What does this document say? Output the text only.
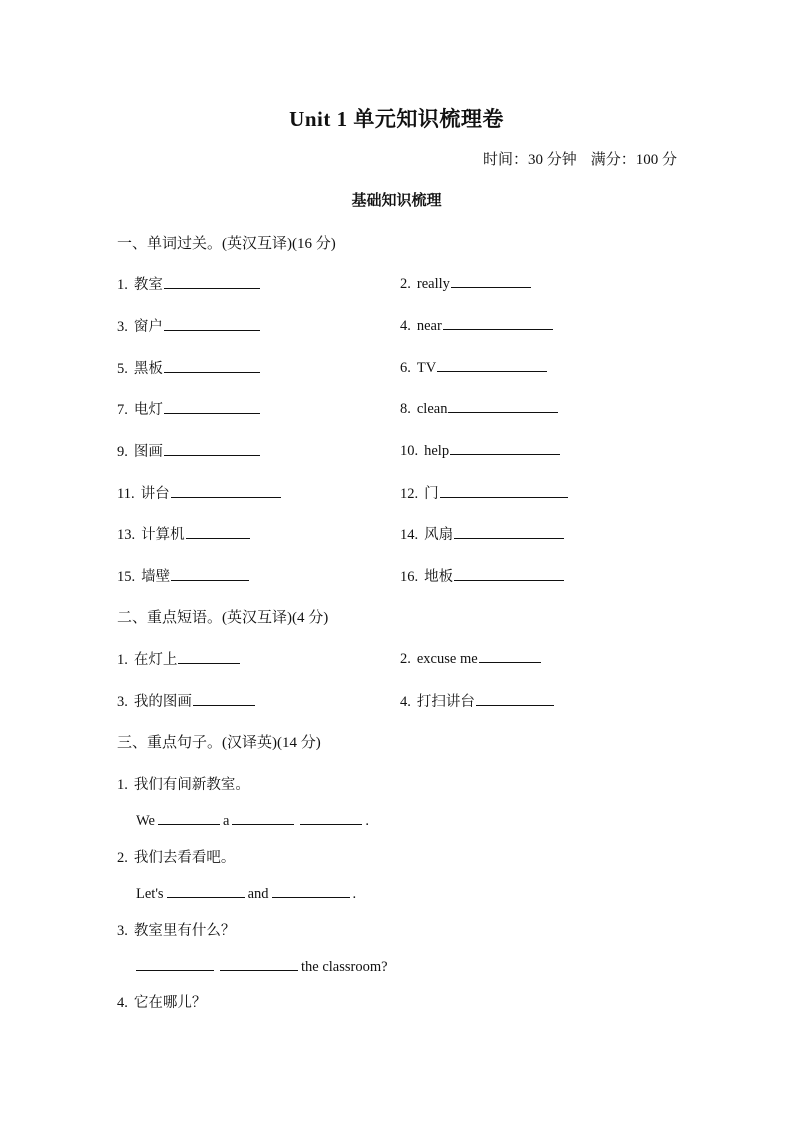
Unit 1 单元知识梳理卷
时间：30 分钟 满分：100 分
基础知识梳理
一、单词过关。(英汉互译)(16 分)
1. 教室	2. really
3. 窗户	4. near
5. 黑板	6. TV
7. 电灯	8. clean
9. 图画	10. help
11. 讲台	12. 门
13. 计算机	14. 风扇
15. 墙壁	16. 地板
二、重点短语。(英汉互译)(4 分)
1. 在灯上	2. excuse me
3. 我的图画	4. 打扫讲台
三、重点句子。(汉译英)(14 分)
1. 我们有间新教室。
We	a	.
2. 我们去看看吧。
Let's	and	.
3. 教室里有什么？
the classroom?
4. 它在哪儿？
